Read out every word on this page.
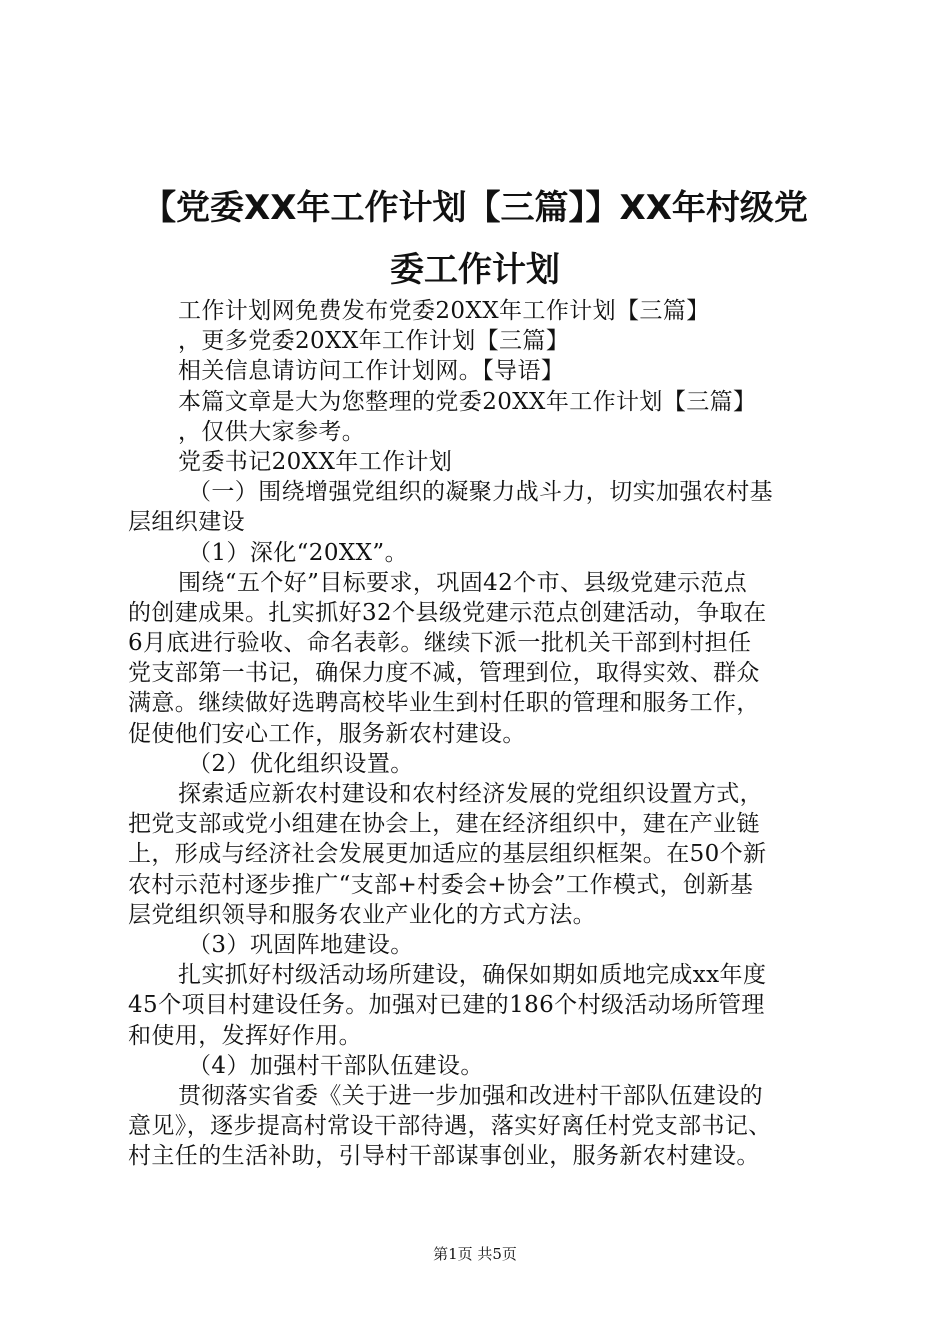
【党委XX年工作计划【三篇】】XX年村级党
委工作计划
工作计划网免费发布党委20XX年工作计划【三篇】
，更多党委20XX年工作计划【三篇】
相关信息请访问工作计划网。【导语】
本篇文章是大为您整理的党委20XX年工作计划【三篇】
，仅供大家参考。
党委书记20XX年工作计划
（一）围绕增强党组织的凝聚力战斗力，切实加强农村基
层组织建设
（1）深化“20XX”。
围绕“五个好”目标要求，巩固42个市、县级党建示范点
的创建成果。扎实抓好32个县级党建示范点创建活动，争取在
6月底进行验收、命名表彰。继续下派一批机关干部到村担任
党支部第一书记，确保力度不减，管理到位，取得实效、群众
满意。继续做好选聘高校毕业生到村任职的管理和服务工作，
促使他们安心工作，服务新农村建设。
（2）优化组织设置。
探索适应新农村建设和农村经济发展的党组织设置方式，
把党支部或党小组建在协会上，建在经济组织中，建在产业链
上，形成与经济社会发展更加适应的基层组织框架。在50个新
农村示范村逐步推广“支部+村委会+协会”工作模式，创新基
层党组织领导和服务农业产业化的方式方法。
（3）巩固阵地建设。
扎实抓好村级活动场所建设，确保如期如质地完成xx年度
45个项目村建设任务。加强对已建的186个村级活动场所管理
和使用，发挥好作用。
（4）加强村干部队伍建设。
贯彻落实省委《关于进一步加强和改进村干部队伍建设的
意见》，逐步提高村常设干部待遇，落实好离任村党支部书记、
村主任的生活补助，引导村干部谋事创业，服务新农村建设。
第1页 共5页
